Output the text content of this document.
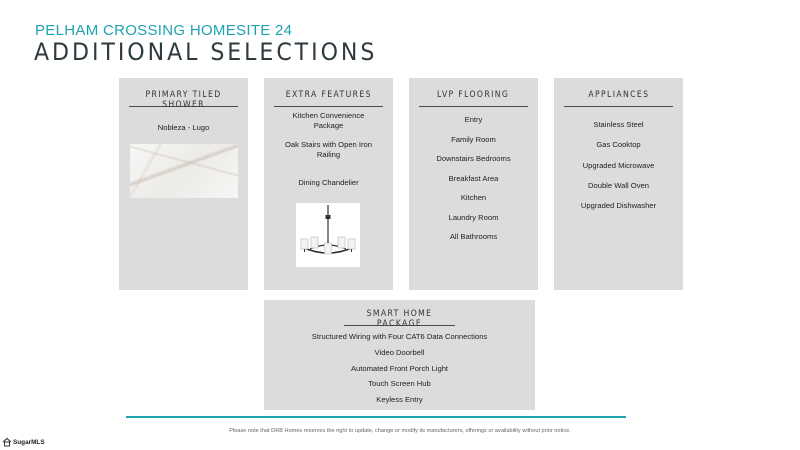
PELHAM CROSSING HOMESITE 24
ADDITIONAL SELECTIONS
PRIMARY TILED SHOWER
Nobleza - Lugo
EXTRA FEATURES
Kitchen Convenience Package
Oak Stairs with Open Iron Railing
Dining Chandelier
LVP FLOORING
Entry
Family Room
Downstairs Bedrooms
Breakfast Area
Kitchen
Laundry Room
All Bathrooms
APPLIANCES
Stainless Steel
Gas Cooktop
Upgraded Microwave
Double Wall Oven
Upgraded Dishwasher
SMART HOME PACKAGE
Structured Wiring with Four CAT6 Data Connections
Video Doorbell
Automated Front Porch Light
Touch Screen Hub
Keyless Entry
Please note that DRB Homes reserves the right to update, change or modify its manufacturers, offerings or availability without prior notice.
SugarMLS
